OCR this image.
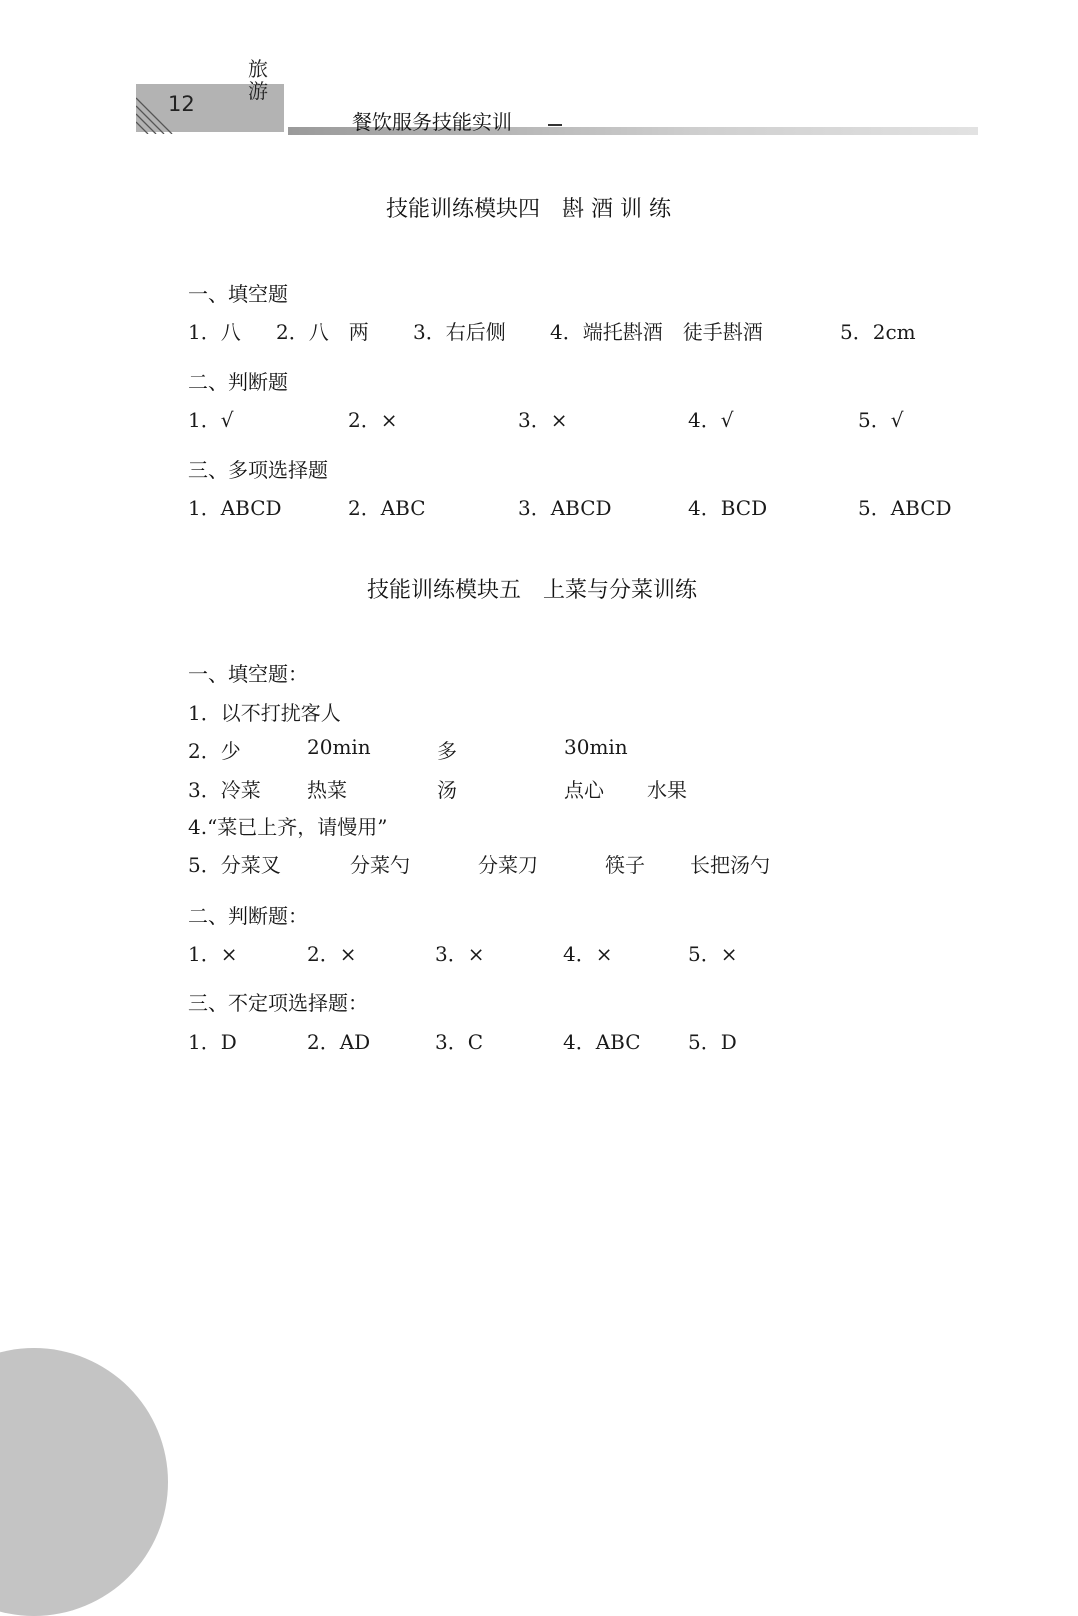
12
旅游
餐饮服务技能实训
技能训练模块四　斟 酒 训 练
一、填空题
1．八 2．八　两 3．右后侧 4．端托斟酒　徒手斟酒	5．2cm
二、判断题
1．√	2．×	3．×	4．√	5．√
三、多项选择题
1．ABCD	2．ABC	3．ABCD	4．BCD	5．ABCD
技能训练模块五　上菜与分菜训练
一、填空题：
1．以不打扰客人
2．少	20min	多	30min
3．冷菜 热菜	汤	点心 水果
4.“菜已上齐，请慢用”
5．分菜叉	分菜勺	分菜刀	筷子 长把汤勺
二、判断题：
1．×	2．×	3．×	4．×	5．×
三、不定项选择题：
1．D	2．AD	3．C	4．ABC 5．D
